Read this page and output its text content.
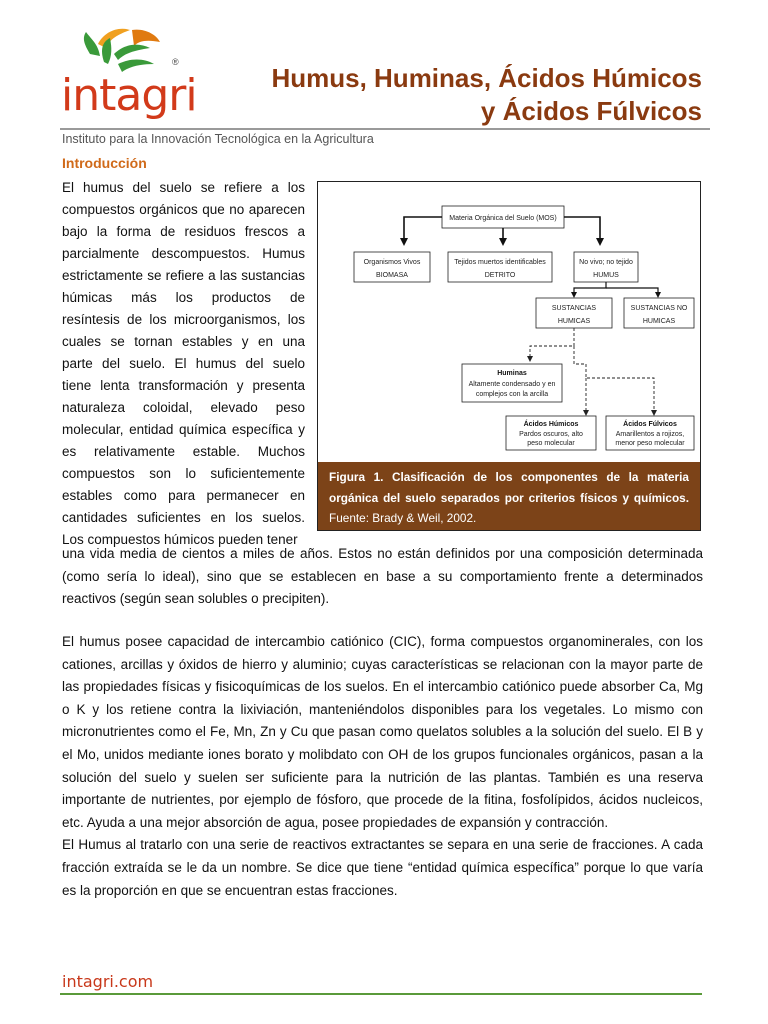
intagri
®
Humus, Huminas, Ácidos Húmicos
y Ácidos Fúlvicos
Instituto para la Innovación Tecnológica en la Agricultura
Introducción

El humus del suelo se refiere a los compuestos orgánicos que no aparecen bajo la forma de residuos frescos a parcialmente descompuestos. Humus estrictamente se refiere a las sustancias húmicas más los productos de resíntesis de los microorganismos, los cuales se tornan estables y en una parte del suelo. El humus del suelo tiene lenta transformación y presenta naturaleza coloidal, elevado peso molecular, entidad química específica y es relativamente estable. Muchos compuestos son lo suficientemente estables como para permanecer en cantidades suficientes en los suelos. Los compuestos húmicos pueden tener

Materia Orgánica del Suelo (MOS)
Organismos Vivos
BIOMASA
Tejidos muertos identificables
DETRITO
No vivo; no tejido
HUMUS
SUSTANCIAS
HUMICAS
SUSTANCIAS NO
HUMICAS
Huminas
Altamente condensado y en
complejos con la arcilla
Ácidos Húmicos
Pardos oscuros, alto
peso molecular
Ácidos Fúlvicos
Amarillentos a rojizos,
menor peso molecular
Figura 1. Clasificación de los componentes de la materia orgánica del suelo separados por criterios físicos y químicos. Fuente: Brady & Weil, 2002.

una vida media de cientos a miles de años. Estos no están definidos por una composición determinada (como sería lo ideal), sino que se establecen en base a su comportamiento frente a determinados reactivos (según sean solubles o precipiten).

El humus posee capacidad de intercambio catiónico (CIC), forma compuestos organominerales, con los cationes, arcillas y óxidos de hierro y aluminio; cuyas características se relacionan con la mayor parte de las propiedades físicas y fisicoquímicas de los suelos. En el intercambio catiónico puede absorber Ca, Mg o K y los retiene contra la lixiviación, manteniéndolos disponibles para los vegetales. Lo mismo con micronutrientes como el Fe, Mn, Zn y Cu que pasan como quelatos solubles a la solución del suelo. El B y el Mo, unidos mediante iones borato y molibdato con OH de los grupos funcionales orgánicos, pasan a la solución del suelo y suelen ser suficiente para la nutrición de las plantas. También es una reserva importante de nutrientes, por ejemplo de fósforo, que procede de la fitina, fosfolípidos, ácidos nucleicos, etc. Ayuda a una mejor absorción de agua, posee propiedades de expansión y contracción.

El Humus al tratarlo con una serie de reactivos extractantes se separa en una serie de fracciones. A cada fracción extraída se le da un nombre. Se dice que tiene “entidad química específica” porque lo que varía es la proporción en que se encuentran estas fracciones.

intagri.com
